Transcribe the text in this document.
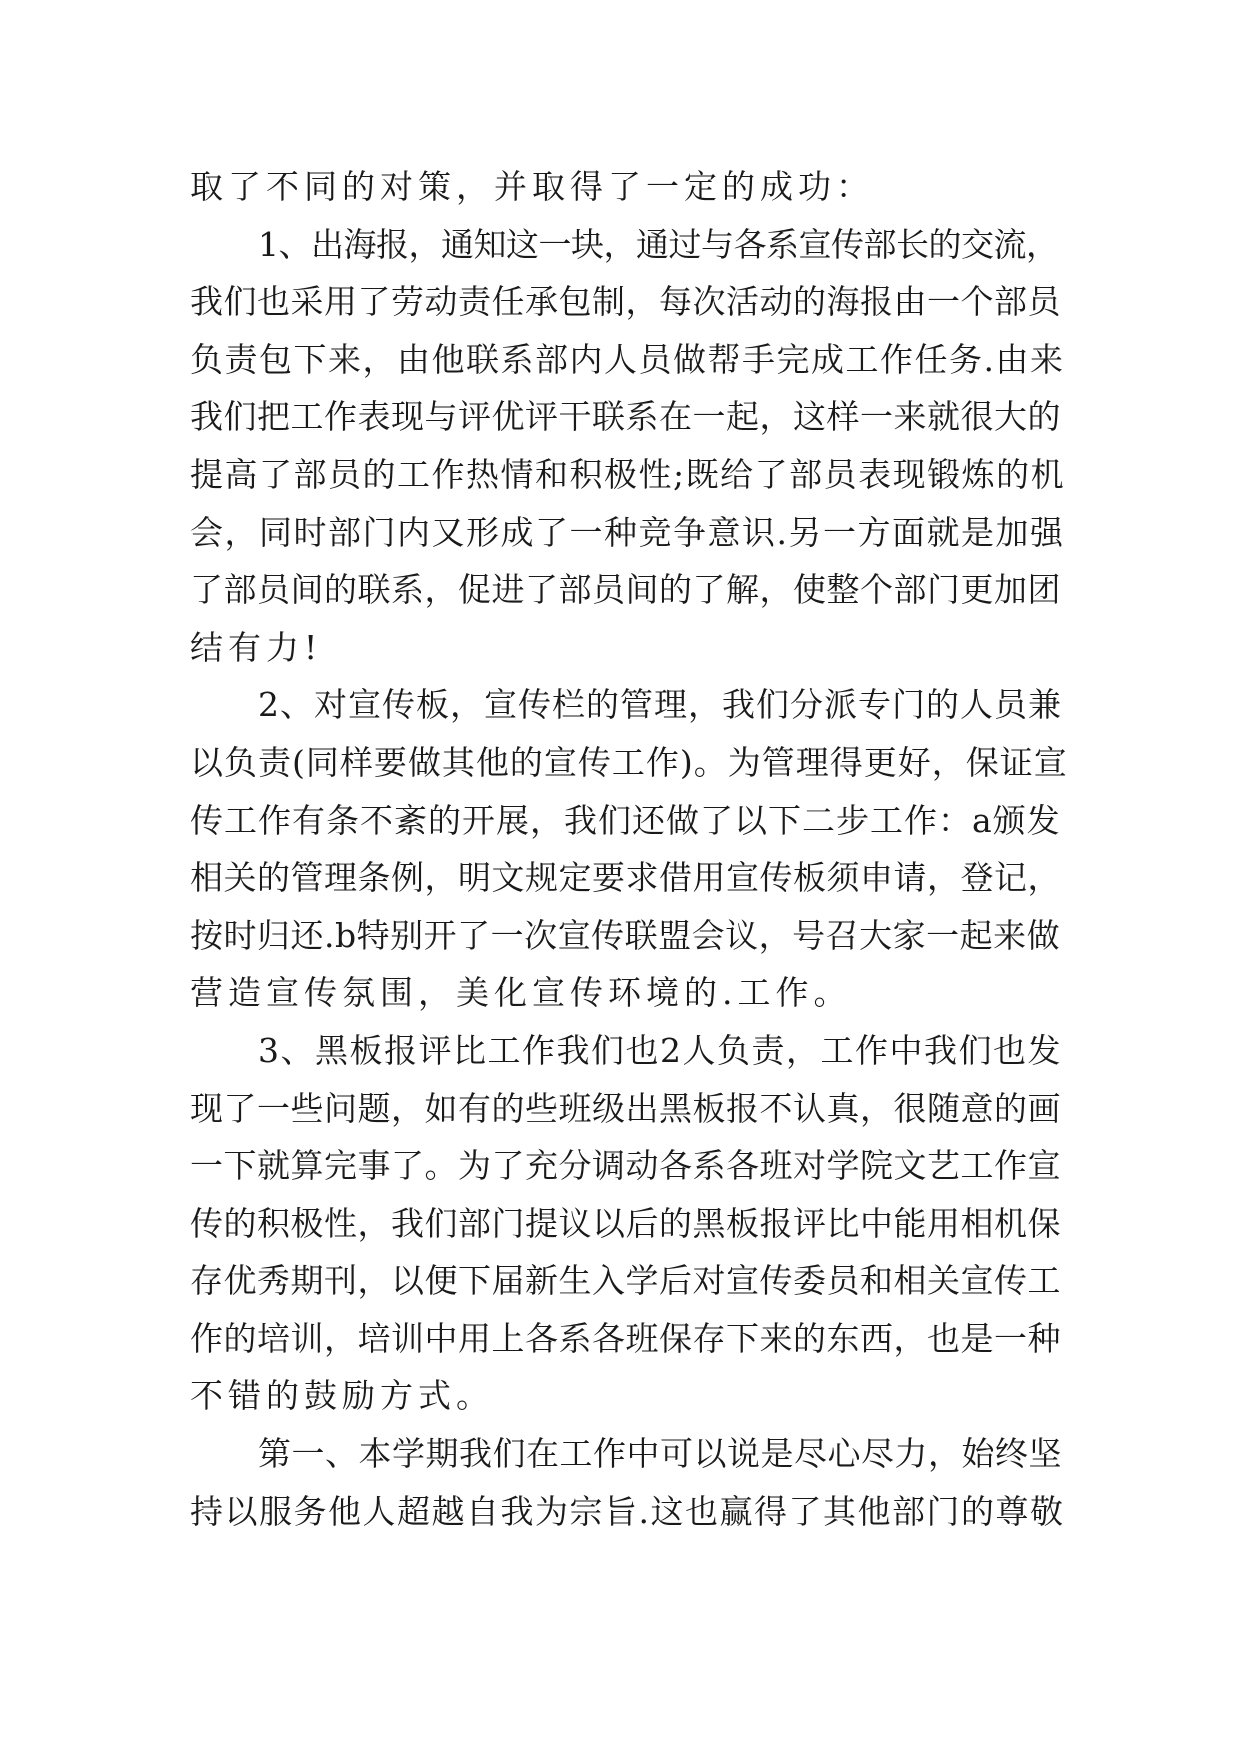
取了不同的对策，并取得了一定的成功：
1、出海报，通知这一块，通过与各系宣传部长的交流，
我们也采用了劳动责任承包制，每次活动的海报由一个部员
负责包下来，由他联系部内人员做帮手完成工作任务.由来
我们把工作表现与评优评干联系在一起，这样一来就很大的
提高了部员的工作热情和积极性;既给了部员表现锻炼的机
会，同时部门内又形成了一种竞争意识.另一方面就是加强
了部员间的联系，促进了部员间的了解，使整个部门更加团
结有力!
2、对宣传板，宣传栏的管理，我们分派专门的人员兼
以负责(同样要做其他的宣传工作)。为管理得更好，保证宣
传工作有条不紊的开展，我们还做了以下二步工作：a颁发
相关的管理条例，明文规定要求借用宣传板须申请，登记，
按时归还.b特别开了一次宣传联盟会议，号召大家一起来做
营造宣传氛围，美化宣传环境的.工作。
3、黑板报评比工作我们也2人负责，工作中我们也发
现了一些问题，如有的些班级出黑板报不认真，很随意的画
一下就算完事了。为了充分调动各系各班对学院文艺工作宣
传的积极性，我们部门提议以后的黑板报评比中能用相机保
存优秀期刊，以便下届新生入学后对宣传委员和相关宣传工
作的培训，培训中用上各系各班保存下来的东西，也是一种
不错的鼓励方式。
第一、本学期我们在工作中可以说是尽心尽力，始终坚
持以服务他人超越自我为宗旨.这也赢得了其他部门的尊敬
